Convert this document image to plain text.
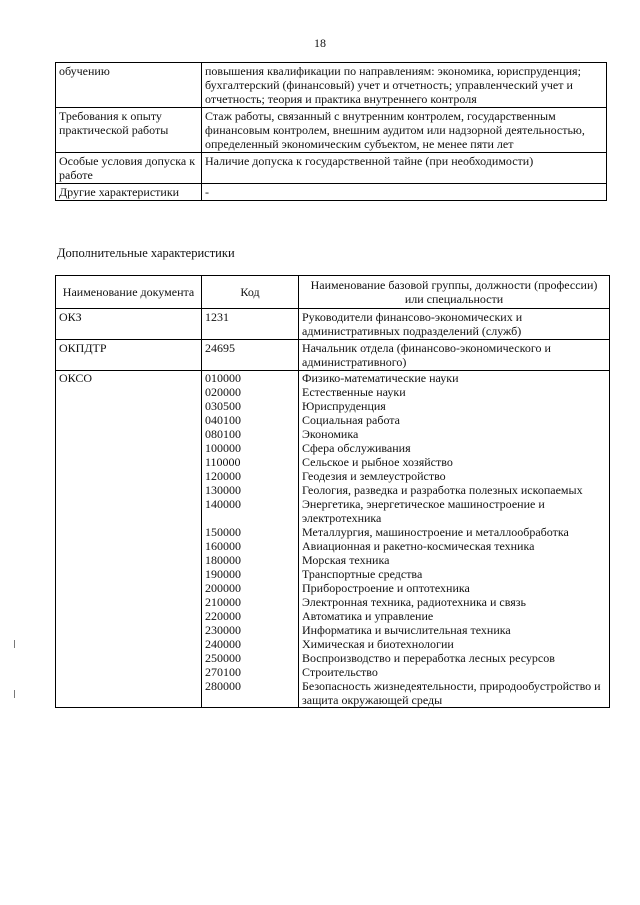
18
обучению	повышения квалификации по направлениям: экономика, юриспруденция; бухгалтерский (финансовый) учет и отчетность; управленческий учет и отчетность; теория и практика внутреннего контроля
Требования к опыту практической работы	Стаж работы, связанный с внутренним контролем, государственным финансовым контролем, внешним аудитом или надзорной деятельностью, определенный экономическим субъектом, не менее пяти лет
Особые условия допуска к работе	Наличие допуска к государственной тайне (при необходимости)
Другие характеристики	-
Дополнительные характеристики
Наименование документа	Код	Наименование базовой группы, должности (профессии) или специальности
ОКЗ	1231	Руководители финансово-экономических и административных подразделений (служб)
ОКПДТР	24695	Начальник отдела (финансово-экономического и административного)
ОКСО	010000	Физико-математические науки
	020000	Естественные науки
	030500	Юриспруденция
	040100	Социальная работа
	080100	Экономика
	100000	Сфера обслуживания
	110000	Сельское и рыбное хозяйство
	120000	Геодезия и землеустройство
	130000	Геология, разведка и разработка полезных ископаемых
	140000	Энергетика, энергетическое машиностроение и электротехника
	150000	Металлургия, машиностроение и металлообработка
	160000	Авиационная и ракетно-космическая техника
	180000	Морская техника
	190000	Транспортные средства
	200000	Приборостроение и оптотехника
	210000	Электронная техника, радиотехника и связь
	220000	Автоматика и управление
	230000	Информатика и вычислительная техника
	240000	Химическая и биотехнологии
	250000	Воспроизводство и переработка лесных ресурсов
	270100	Строительство
	280000	Безопасность жизнедеятельности, природообустройство и защита окружающей среды
